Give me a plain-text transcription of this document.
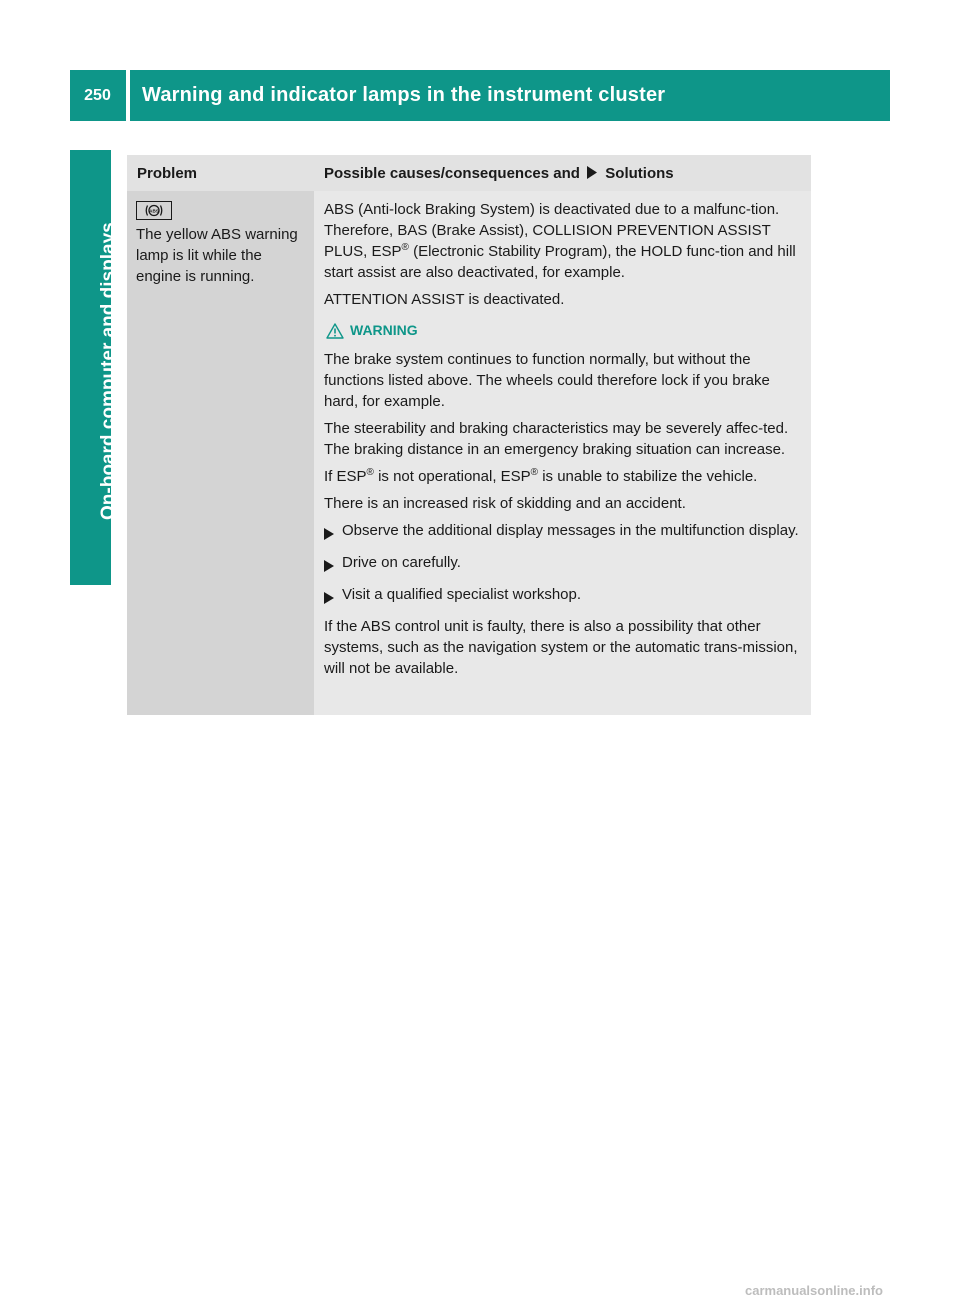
250	Warning and indicator lamps in the instrument cluster
On-board computer and displays
Problem	Possible causes/consequences and Solutions
ABS
The yellow ABS warning lamp is lit while the engine is running.

ABS (Anti-lock Braking System) is deactivated due to a malfunc-tion. Therefore, BAS (Brake Assist), COLLISION PREVENTION ASSIST PLUS, ESP® (Electronic Stability Program), the HOLD func-tion and hill start assist are also deactivated, for example.

ATTENTION ASSIST is deactivated.

WARNING

The brake system continues to function normally, but without the functions listed above. The wheels could therefore lock if you brake hard, for example.

The steerability and braking characteristics may be severely affec-ted. The braking distance in an emergency braking situation can increase.

If ESP® is not operational, ESP® is unable to stabilize the vehicle.

There is an increased risk of skidding and an accident.

Observe the additional display messages in the multifunction display.
Drive on carefully.
Visit a qualified specialist workshop.

If the ABS control unit is faulty, there is also a possibility that other systems, such as the navigation system or the automatic trans-mission, will not be available.

carmanualsonline.info
